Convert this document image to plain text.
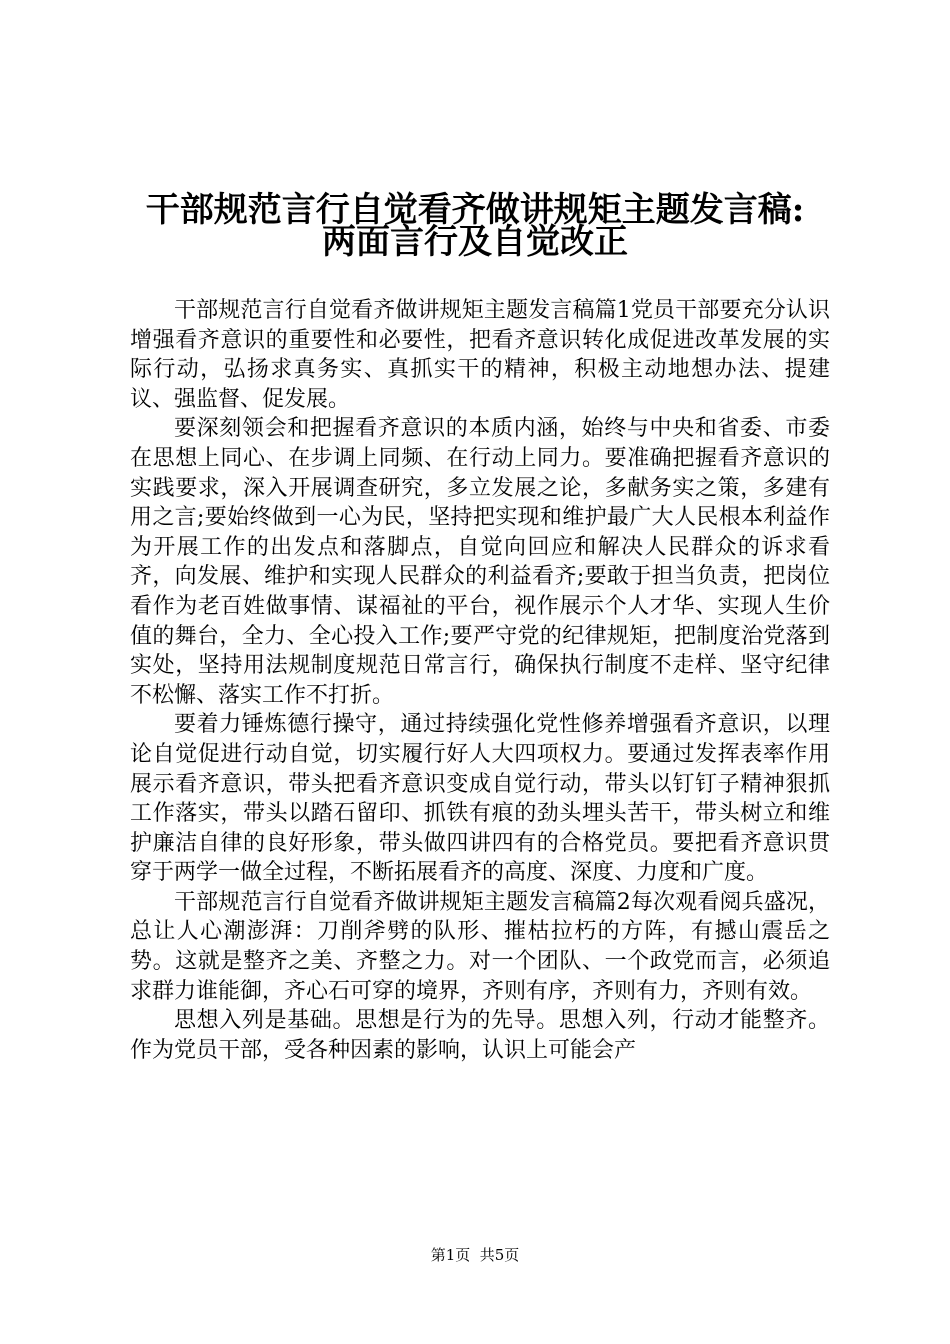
干部规范言行自觉看齐做讲规矩主题发言稿:
两面言行及自觉改正

干部规范言行自觉看齐做讲规矩主题发言稿篇1党员干部要充分认识增强看齐意识的重要性和必要性，把看齐意识转化成促进改革发展的实际行动，弘扬求真务实、真抓实干的精神，积极主动地想办法、提建议、强监督、促发展。

要深刻领会和把握看齐意识的本质内涵，始终与中央和省委、市委在思想上同心、在步调上同频、在行动上同力。要准确把握看齐意识的实践要求，深入开展调查研究，多立发展之论，多献务实之策，多建有用之言;要始终做到一心为民，坚持把实现和维护最广大人民根本利益作为开展工作的出发点和落脚点，自觉向回应和解决人民群众的诉求看齐，向发展、维护和实现人民群众的利益看齐;要敢于担当负责，把岗位看作为老百姓做事情、谋福祉的平台，视作展示个人才华、实现人生价值的舞台，全力、全心投入工作;要严守党的纪律规矩，把制度治党落到实处，坚持用法规制度规范日常言行，确保执行制度不走样、坚守纪律不松懈、落实工作不打折。

要着力锤炼德行操守，通过持续强化党性修养增强看齐意识，以理论自觉促进行动自觉，切实履行好人大四项权力。要通过发挥表率作用展示看齐意识，带头把看齐意识变成自觉行动，带头以钉钉子精神狠抓工作落实，带头以踏石留印、抓铁有痕的劲头埋头苦干，带头树立和维护廉洁自律的良好形象，带头做四讲四有的合格党员。要把看齐意识贯穿于两学一做全过程，不断拓展看齐的高度、深度、力度和广度。

干部规范言行自觉看齐做讲规矩主题发言稿篇2每次观看阅兵盛况，总让人心潮澎湃：刀削斧劈的队形、摧枯拉朽的方阵，有撼山震岳之势。这就是整齐之美、齐整之力。对一个团队、一个政党而言，必须追求群力谁能御，齐心石可穿的境界，齐则有序，齐则有力，齐则有效。

思想入列是基础。思想是行为的先导。思想入列，行动才能整齐。作为党员干部，受各种因素的影响，认识上可能会产

第1页  共5页
